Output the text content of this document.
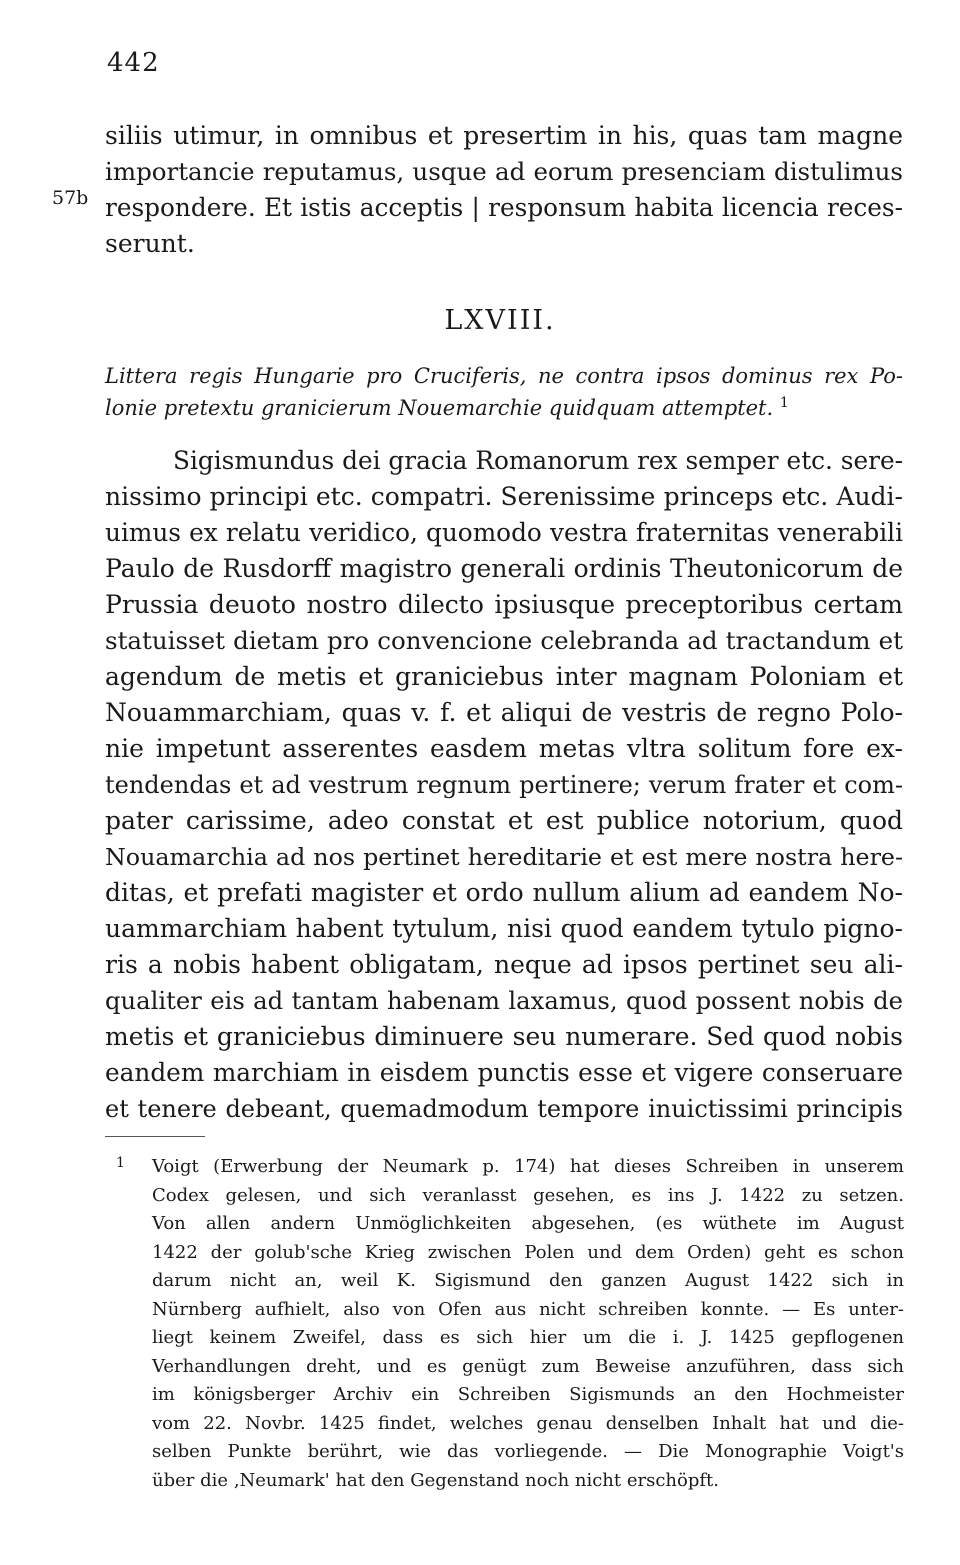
442
57b
siliis utimur, in omnibus et presertim in his, quas tam magne
importancie reputamus, usque ad eorum presenciam distulimus
respondere. Et istis acceptis | responsum habita licencia reces-
serunt.
LXVIII.
Littera regis Hungarie pro Cruciferis, ne contra ipsos dominus rex Po-
lonie pretextu granicierum Nouemarchie quidquam attemptet. $^1$
Sigismundus dei gracia Romanorum rex semper etc. sere-
nissimo principi etc. compatri. Serenissime princeps etc. Audi-
uimus ex relatu veridico, quomodo vestra fraternitas venerabili
Paulo de Rusdorff magistro generali ordinis Theutonicorum de
Prussia deuoto nostro dilecto ipsiusque preceptoribus certam
statuisset dietam pro convencione celebranda ad tractandum et
agendum de metis et graniciebus inter magnam Poloniam et
Nouammarchiam, quas v. f. et aliqui de vestris de regno Polo-
nie impetunt asserentes easdem metas vltra solitum fore ex-
tendendas et ad vestrum regnum pertinere; verum frater et com-
pater carissime, adeo constat et est publice notorium, quod
Nouamarchia ad nos pertinet hereditarie et est mere nostra here-
ditas, et prefati magister et ordo nullum alium ad eandem No-
uammarchiam habent tytulum, nisi quod eandem tytulo pigno-
ris a nobis habent obligatam, neque ad ipsos pertinet seu ali-
qualiter eis ad tantam habenam laxamus, quod possent nobis de
metis et graniciebus diminuere seu numerare. Sed quod nobis
eandem marchiam in eisdem punctis esse et vigere conseruare
et tenere debeant, quemadmodum tempore inuictissimi principis
1	Voigt (Erwerbung der Neumark p. 174) hat dieses Schreiben in unserem
Codex gelesen, und sich veranlasst gesehen, es ins J. 1422 zu setzen.
Von allen andern Unmöglichkeiten abgesehen, (es wüthete im August
1422 der golub'sche Krieg zwischen Polen und dem Orden) geht es schon
darum nicht an, weil K. Sigismund den ganzen August 1422 sich in
Nürnberg aufhielt, also von Ofen aus nicht schreiben konnte. — Es unter-
liegt keinem Zweifel, dass es sich hier um die i. J. 1425 gepflogenen
Verhandlungen dreht, und es genügt zum Beweise anzuführen, dass sich
im königsberger Archiv ein Schreiben Sigismunds an den Hochmeister
vom 22. Novbr. 1425 findet, welches genau denselben Inhalt hat und die-
selben Punkte berührt, wie das vorliegende. — Die Monographie Voigt's
über die ‚Neumark' hat den Gegenstand noch nicht erschöpft.
